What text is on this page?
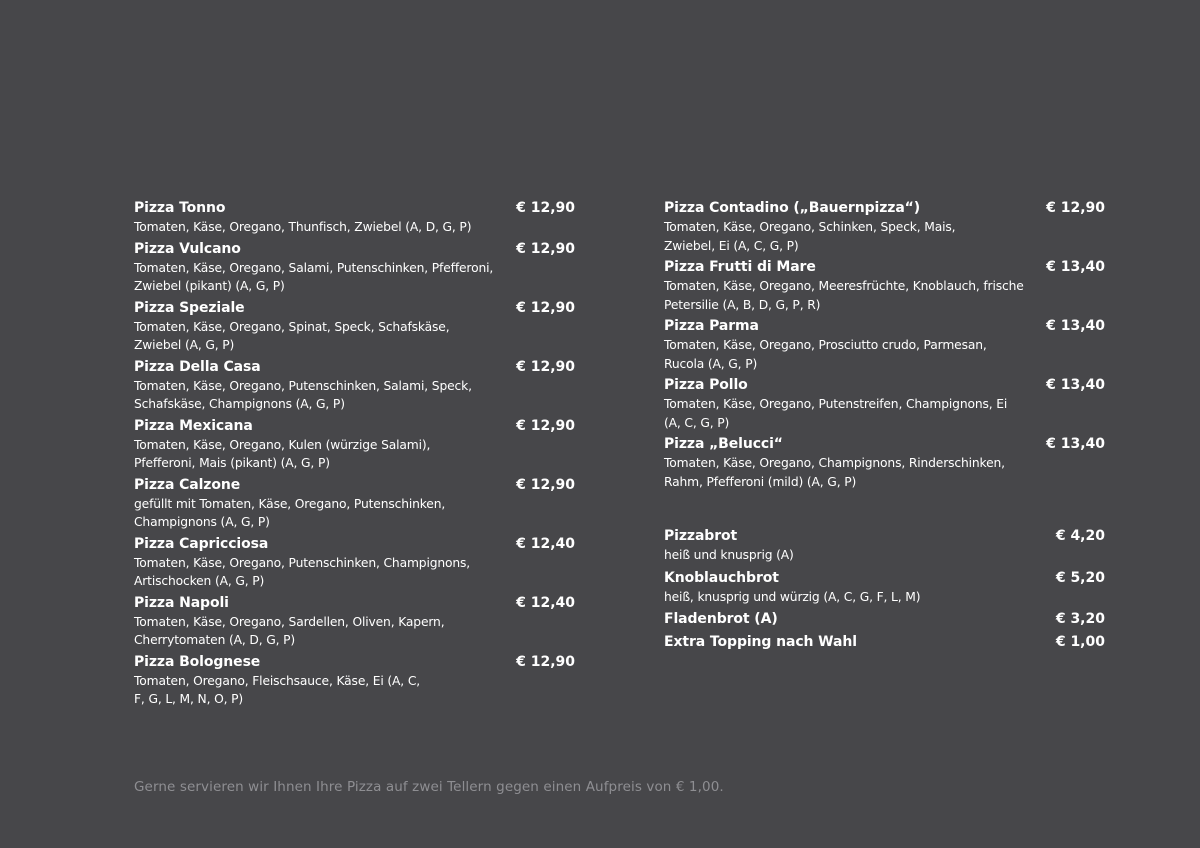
Pizza Tonno	€ 12,90
Tomaten, Käse, Oregano, Thunfisch, Zwiebel (A, D, G, P)
Pizza Vulcano	€ 12,90
Tomaten, Käse, Oregano, Salami, Putenschinken, Pfefferoni, Zwiebel (pikant) (A, G, P)
Pizza Speziale	€ 12,90
Tomaten, Käse, Oregano, Spinat, Speck, Schafskäse, Zwiebel (A, G, P)
Pizza Della Casa	€ 12,90
Tomaten, Käse, Oregano, Putenschinken, Salami, Speck, Schafskäse, Champignons (A, G, P)
Pizza Mexicana	€ 12,90
Tomaten, Käse, Oregano, Kulen (würzige Salami), Pfefferoni, Mais (pikant) (A, G, P)
Pizza Calzone	€ 12,90
gefüllt mit Tomaten, Käse, Oregano, Putenschinken, Champignons (A, G, P)
Pizza Capricciosa	€ 12,40
Tomaten, Käse, Oregano, Putenschinken, Champignons, Artischocken (A, G, P)
Pizza Napoli	€ 12,40
Tomaten, Käse, Oregano, Sardellen, Oliven, Kapern, Cherrytomaten (A, D, G, P)
Pizza Bolognese	€ 12,90
Tomaten, Oregano, Fleischsauce, Käse, Ei (A, C, F, G, L, M, N, O, P)
Pizza Contadino („Bauernpizza“)	€ 12,90
Tomaten, Käse, Oregano, Schinken, Speck, Mais, Zwiebel, Ei (A, C, G, P)
Pizza Frutti di Mare	€ 13,40
Tomaten, Käse, Oregano, Meeresfrüchte, Knoblauch, frische Petersilie (A, B, D, G, P, R)
Pizza Parma	€ 13,40
Tomaten, Käse, Oregano, Prosciutto crudo, Parmesan, Rucola (A, G, P)
Pizza Pollo	€ 13,40
Tomaten, Käse, Oregano, Putenstreifen, Champignons, Ei (A, C, G, P)
Pizza „Belucci“	€ 13,40
Tomaten, Käse, Oregano, Champignons, Rinderschinken, Rahm, Pfefferoni (mild) (A, G, P)
Pizzabrot	€ 4,20
heiß und knusprig (A)
Knoblauchbrot	€ 5,20
heiß, knusprig und würzig (A, C, G, F, L, M)
Fladenbrot (A)	€ 3,20
Extra Topping nach Wahl	€ 1,00
Gerne servieren wir Ihnen Ihre Pizza auf zwei Tellern gegen einen Aufpreis von € 1,00.
